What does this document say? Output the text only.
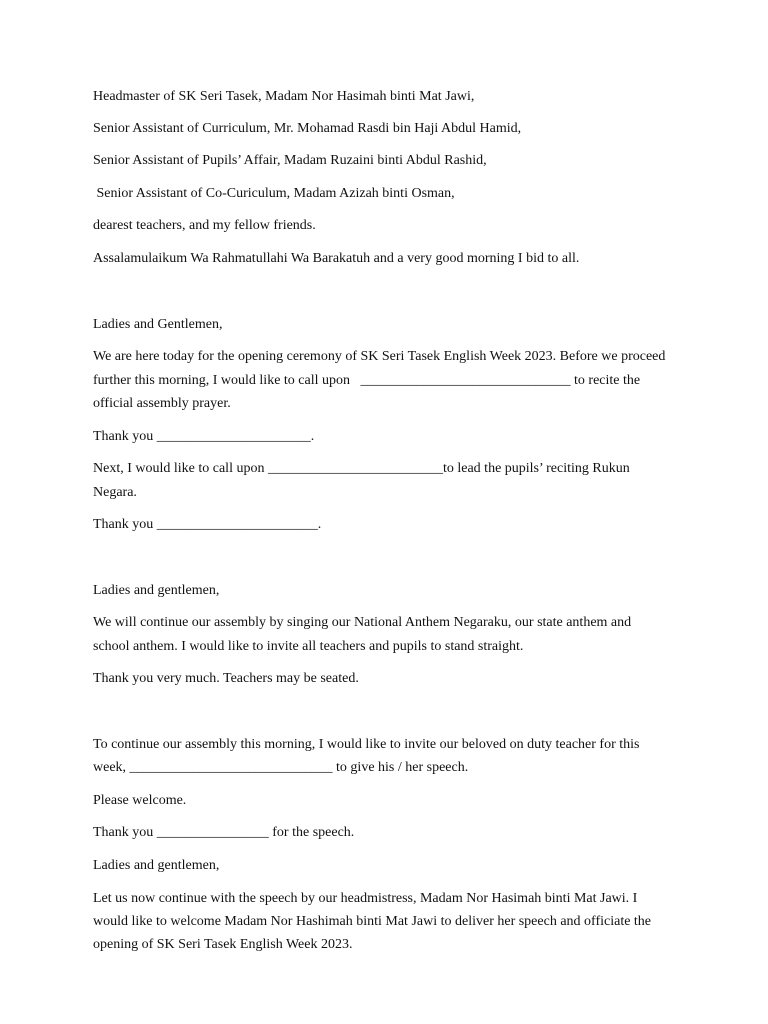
Headmaster of SK Seri Tasek, Madam Nor Hasimah binti Mat Jawi,

Senior Assistant of Curriculum, Mr. Mohamad Rasdi bin Haji Abdul Hamid,

Senior Assistant of Pupils’ Affair, Madam Ruzaini binti Abdul Rashid,

Senior Assistant of Co-Curiculum, Madam Azizah binti Osman,

dearest teachers, and my fellow friends.

Assalamulaikum Wa Rahmatullahi Wa Barakatuh and a very good morning I bid to all.

Ladies and Gentlemen,

We are here today for the opening ceremony of SK Seri Tasek English Week 2023. Before we proceed

further this morning, I would like to call upon   ______________________________ to recite the

official assembly prayer.

Thank you ______________________.

Next, I would like to call upon _________________________to lead the pupils’ reciting Rukun

Negara.

Thank you _______________________.

Ladies and gentlemen,

We will continue our assembly by singing our National Anthem Negaraku, our state anthem and

school anthem. I would like to invite all teachers and pupils to stand straight.

Thank you very much. Teachers may be seated.

To continue our assembly this morning, I would like to invite our beloved on duty teacher for this

week, _____________________________ to give his / her speech.

Please welcome.

Thank you ________________ for the speech.

Ladies and gentlemen,

Let us now continue with the speech by our headmistress, Madam Nor Hasimah binti Mat Jawi. I

would like to welcome Madam Nor Hashimah binti Mat Jawi to deliver her speech and officiate the

opening of SK Seri Tasek English Week 2023.
